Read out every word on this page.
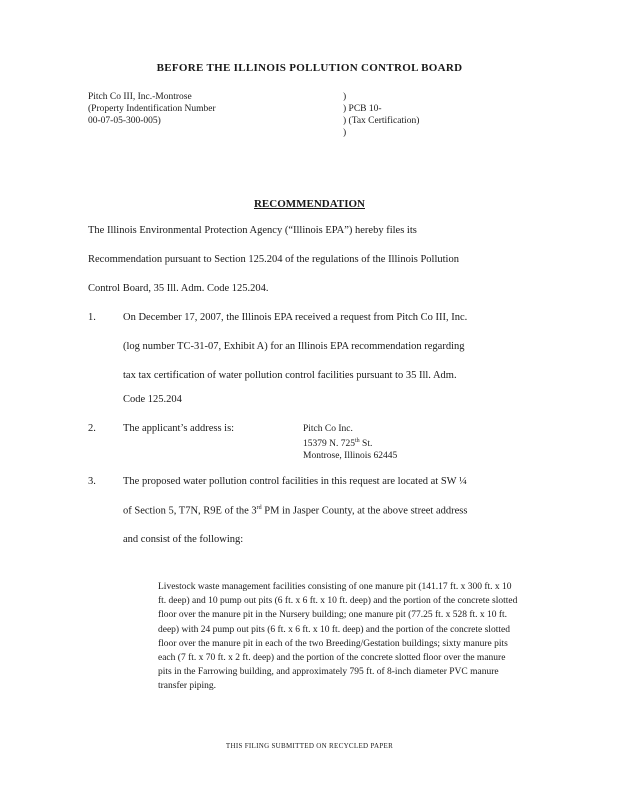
BEFORE THE ILLINOIS POLLUTION CONTROL BOARD
Pitch Co III, Inc.-Montrose
(Property Indentification Number
00-07-05-300-005)
)
) PCB 10-
) (Tax Certification)
)
RECOMMENDATION
The Illinois Environmental Protection Agency (“Illinois EPA”) hereby files its
Recommendation pursuant to Section 125.204 of the regulations of the Illinois Pollution
Control Board, 35 Ill. Adm. Code 125.204.
1.	On December 17, 2007, the Illinois EPA received a request from Pitch Co III, Inc.
(log number TC-31-07, Exhibit A) for an Illinois EPA recommendation regarding
tax tax certification of water pollution control facilities pursuant to 35 Ill. Adm.
Code 125.204
2.	The applicant’s address is:	Pitch Co Inc.
15379 N. 725th St.
Montrose, Illinois 62445
3.	The proposed water pollution control facilities in this request are located at SW ¼
of Section 5, T7N, R9E of the 3rd PM in Jasper County, at the above street address
and consist of the following:
Livestock waste management facilities consisting of one manure pit (141.17 ft. x 300 ft. x 10 ft. deep) and 10 pump out pits (6 ft. x 6 ft. x 10 ft. deep) and the portion of the concrete slotted floor over the manure pit in the Nursery building; one manure pit (77.25 ft. x 528 ft. x 10 ft. deep) with 24 pump out pits (6 ft. x 6 ft. x 10 ft. deep) and the portion of the concrete slotted floor over the manure pit in each of the two Breeding/Gestation buildings; sixty manure pits each (7 ft. x 70 ft. x 2 ft. deep) and the portion of the concrete slotted floor over the manure pits in the Farrowing building, and approximately 795 ft. of 8-inch diameter PVC manure transfer piping.
THIS FILING SUBMITTED ON RECYCLED PAPER
